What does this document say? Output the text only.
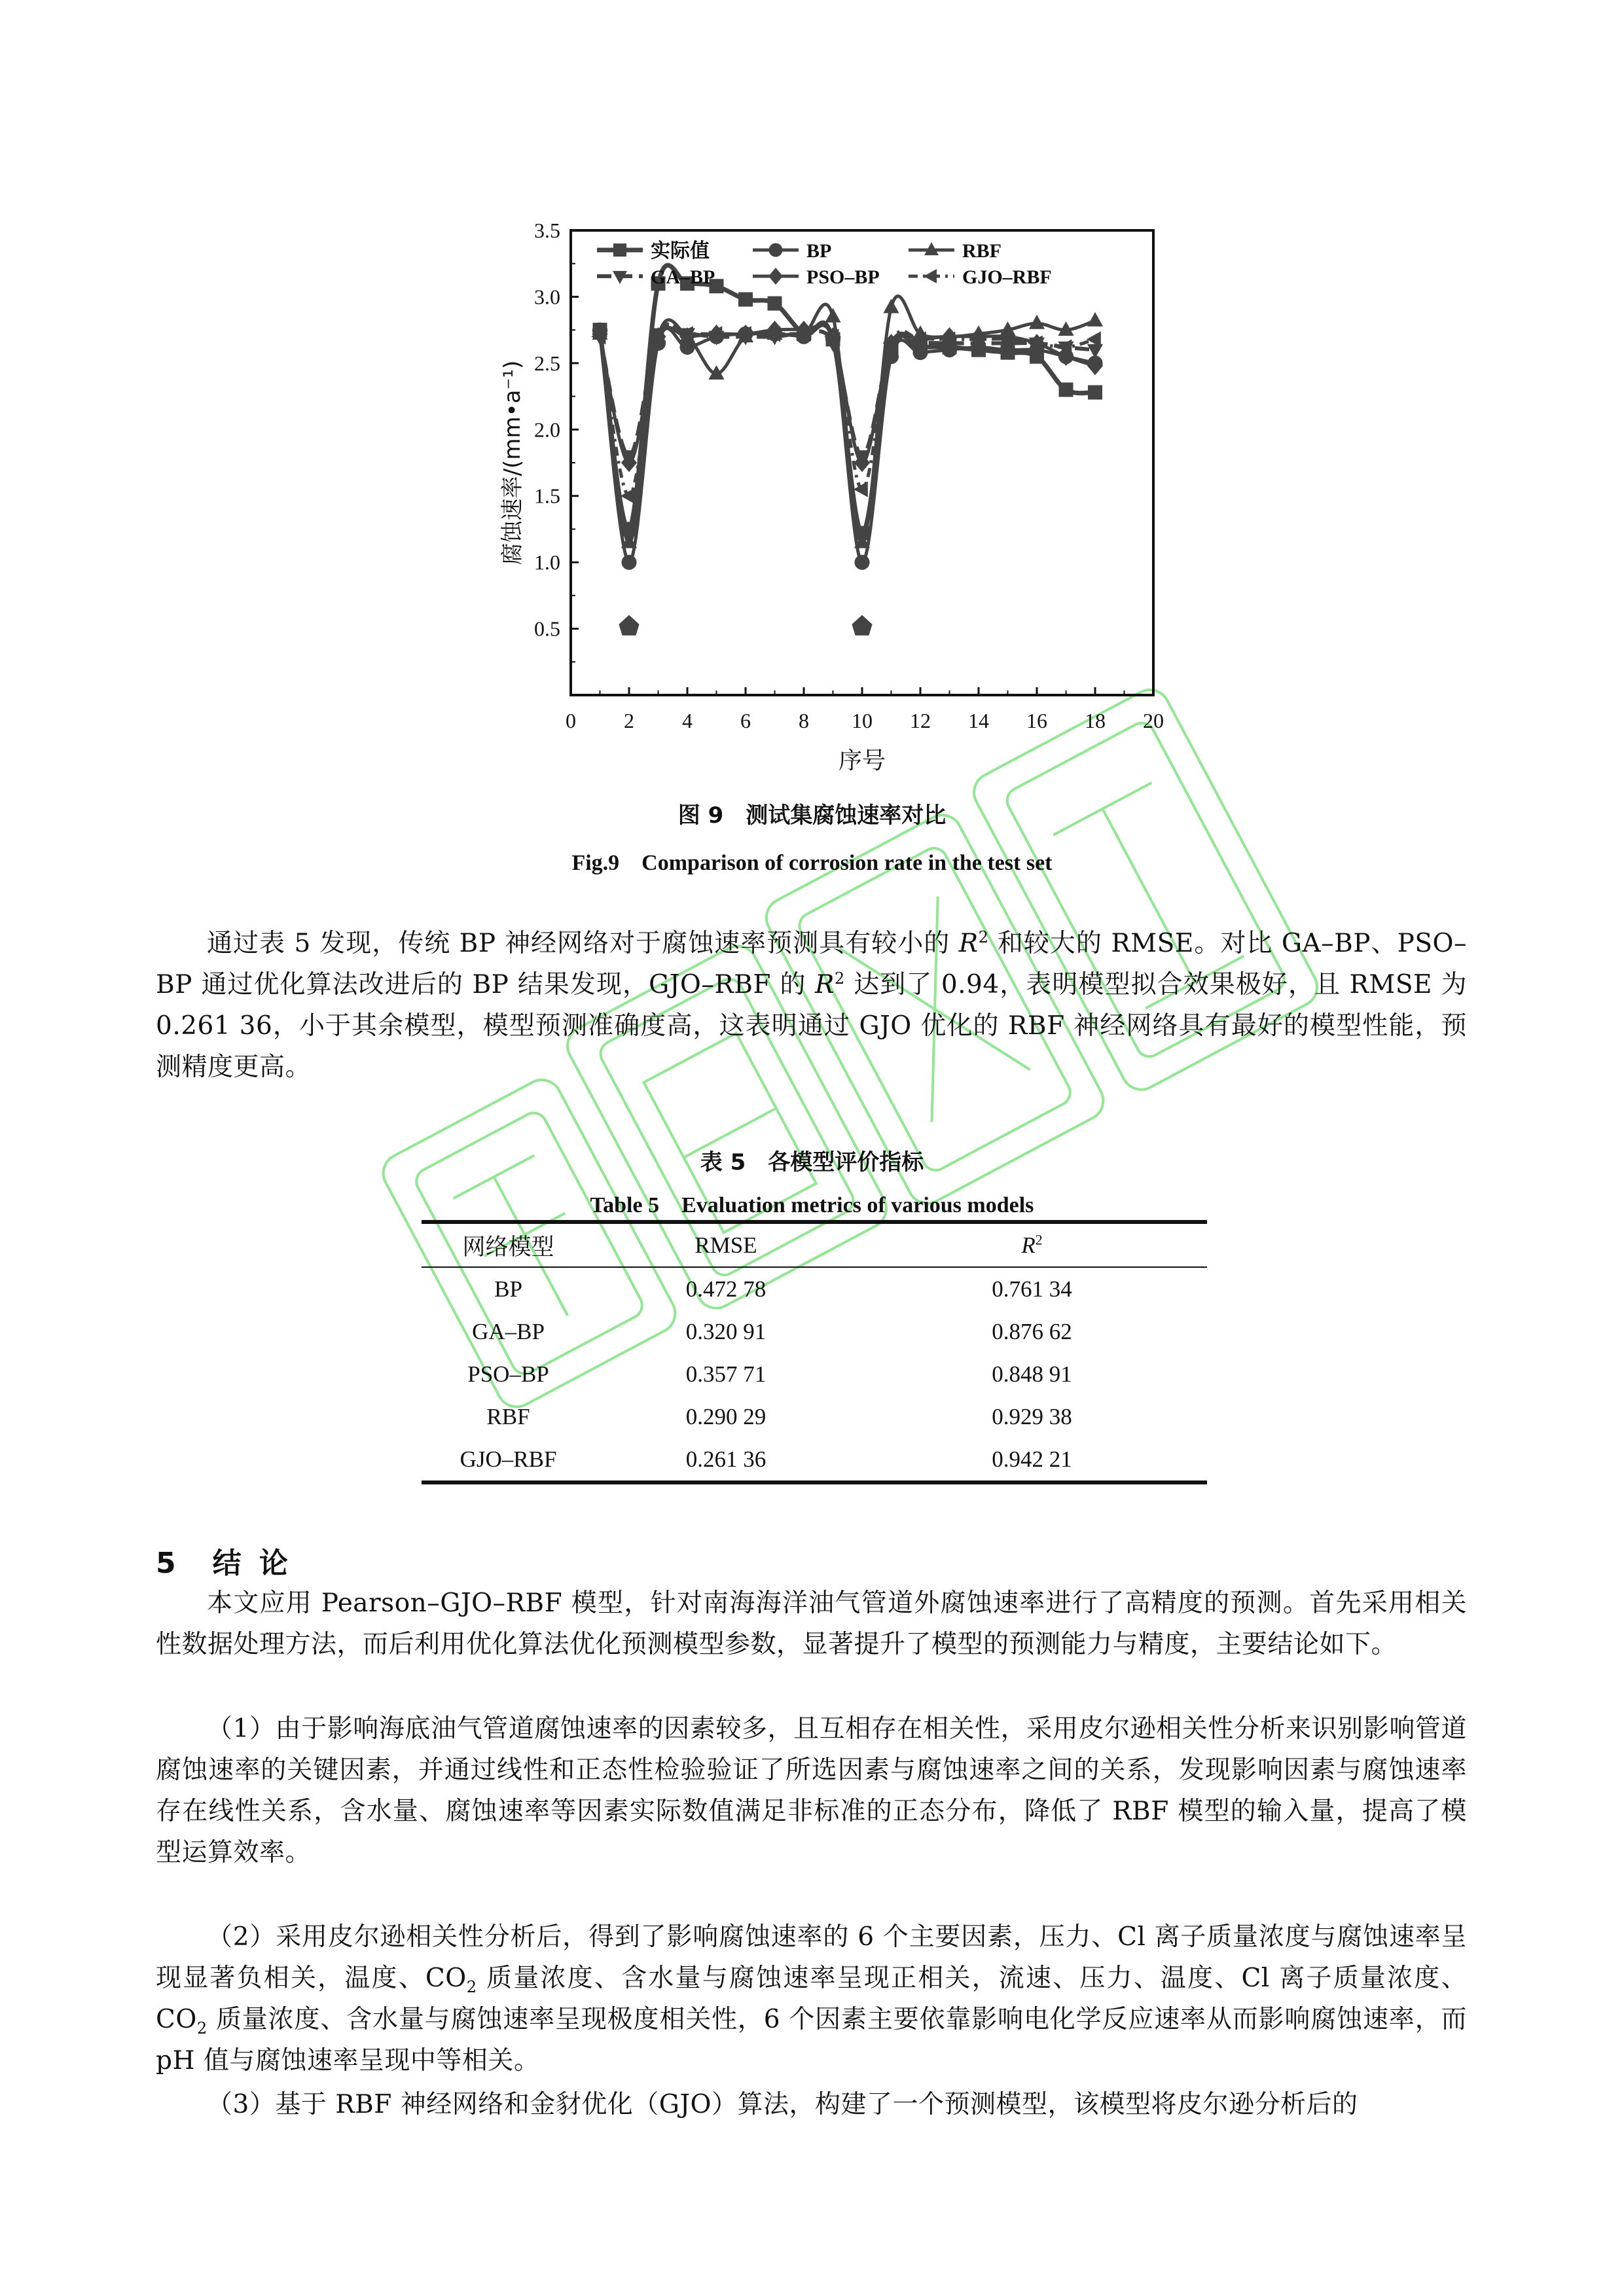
0 2 4 6 8 10 12 14 16 18 20
0.5
1.0
1.5
2.0
2.5
3.0
3.5
序号
腐蚀速率/(mm•a⁻¹)
实际值	BP	RBF
GA–BP	PSO–BP	GJO–RBF
图 9　测试集腐蚀速率对比
Fig.9　Comparison of corrosion rate in the test set
通过表 5 发现，传统 BP 神经网络对于腐蚀速率预测具有较小的 $R^2$ 和较大的 RMSE。对比 GA–BP、PSO–BP 通过优化算法改进后的 BP 结果发现，GJO–RBF 的 $R^2$ 达到了 0.94，表明模型拟合效果极好，且 RMSE 为 0.261 36，小于其余模型，模型预测准确度高，这表明通过 GJO 优化的 RBF 神经网络具有最好的模型性能，预测精度更高。
表 5　各模型评价指标
Table 5　Evaluation metrics of various models
网络模型	RMSE	$R^2$
BP	0.472 78	0.761 34
GA–BP	0.320 91	0.876 62
PSO–BP	0.357 71	0.848 91
RBF	0.290 29	0.929 38
GJO–RBF	0.261 36	0.942 21
5　结 论
本文应用 Pearson–GJO–RBF 模型，针对南海海洋油气管道外腐蚀速率进行了高精度的预测。首先采用相关性数据处理方法，而后利用优化算法优化预测模型参数，显著提升了模型的预测能力与精度，主要结论如下。
（1）由于影响海底油气管道腐蚀速率的因素较多，且互相存在相关性，采用皮尔逊相关性分析来识别影响管道腐蚀速率的关键因素，并通过线性和正态性检验验证了所选因素与腐蚀速率之间的关系，发现影响因素与腐蚀速率存在线性关系，含水量、腐蚀速率等因素实际数值满足非标准的正态分布，降低了 RBF 模型的输入量，提高了模型运算效率。
（2）采用皮尔逊相关性分析后，得到了影响腐蚀速率的 6 个主要因素，压力、Cl 离子质量浓度与腐蚀速率呈现显著负相关，温度、$CO_2$ 质量浓度、含水量与腐蚀速率呈现正相关，流速、压力、温度、Cl 离子质量浓度、$CO_2$ 质量浓度、含水量与腐蚀速率呈现极度相关性，6 个因素主要依靠影响电化学反应速率从而影响腐蚀速率，而 pH 值与腐蚀速率呈现中等相关。
（3）基于 RBF 神经网络和金豺优化（GJO）算法，构建了一个预测模型，该模型将皮尔逊分析后的
